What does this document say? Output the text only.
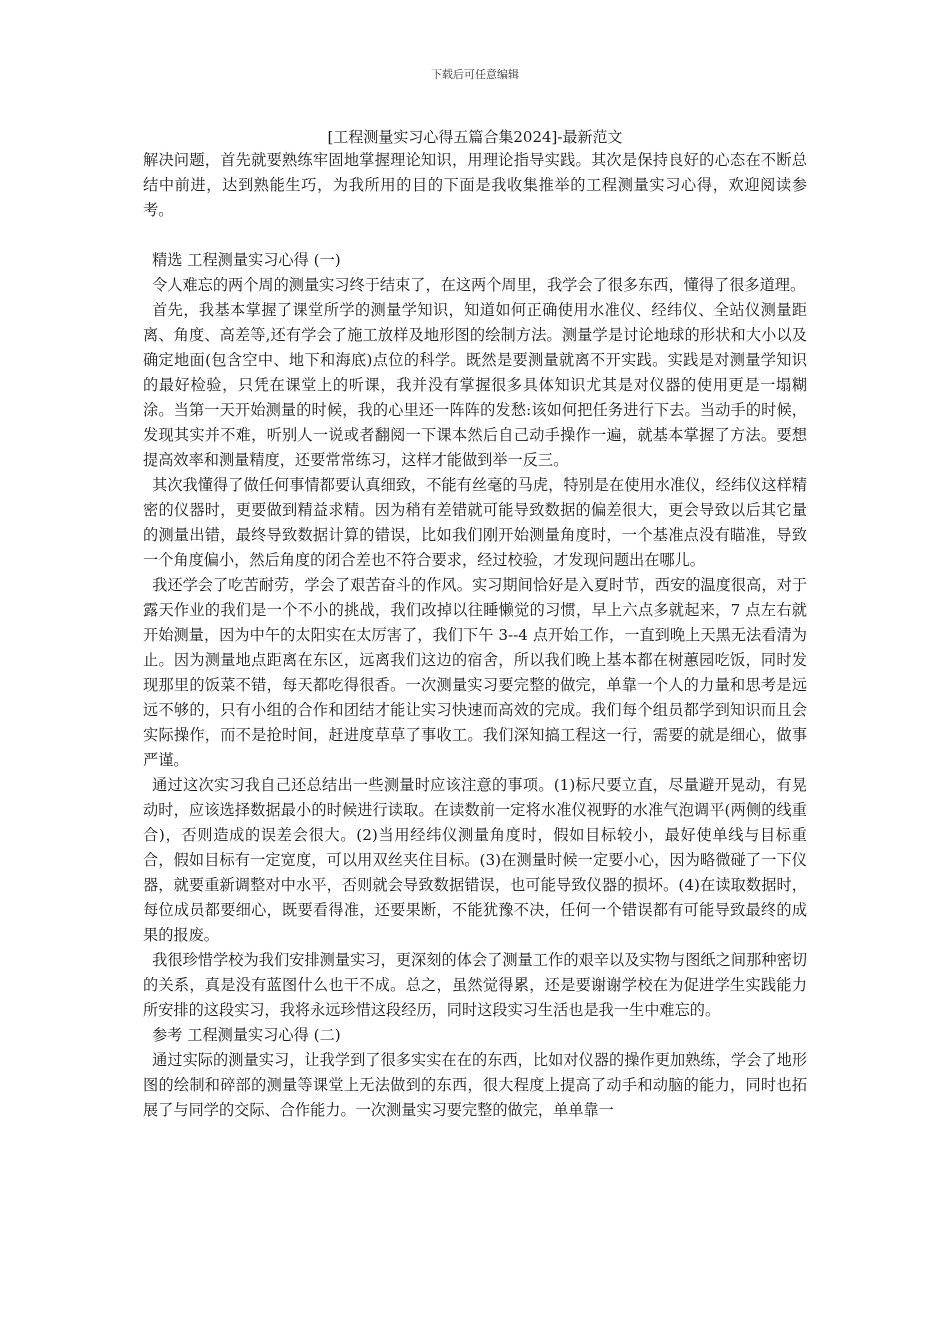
下载后可任意编辑
[工程测量实习心得五篇合集2024]-最新范文

解决问题，首先就要熟练牢固地掌握理论知识，用理论指导实践。其次是保持良好的心态在不断总结中前进，达到熟能生巧，为我所用的目的下面是我收集推举的工程测量实习心得，欢迎阅读参考。

精选 工程测量实习心得 (一)

令人难忘的两个周的测量实习终于结束了，在这两个周里，我学会了很多东西，懂得了很多道理。

首先，我基本掌握了课堂所学的测量学知识，知道如何正确使用水准仪、经纬仪、全站仪测量距离、角度、高差等,还有学会了施工放样及地形图的绘制方法。测量学是讨论地球的形状和大小以及确定地面(包含空中、地下和海底)点位的科学。既然是要测量就离不开实践。实践是对测量学知识的最好检验，只凭在课堂上的听课，我并没有掌握很多具体知识尤其是对仪器的使用更是一塌糊涂。当第一天开始测量的时候，我的心里还一阵阵的发愁:该如何把任务进行下去。当动手的时候，发现其实并不难，听别人一说或者翻阅一下课本然后自己动手操作一遍，就基本掌握了方法。要想提高效率和测量精度，还要常常练习，这样才能做到举一反三。

其次我懂得了做任何事情都要认真细致，不能有丝毫的马虎，特别是在使用水准仪，经纬仪这样精密的仪器时，更要做到精益求精。因为稍有差错就可能导致数据的偏差很大，更会导致以后其它量的测量出错，最终导致数据计算的错误，比如我们刚开始测量角度时，一个基准点没有瞄准，导致一个角度偏小，然后角度的闭合差也不符合要求，经过校验，才发现问题出在哪儿。

我还学会了吃苦耐劳，学会了艰苦奋斗的作风。实习期间恰好是入夏时节，西安的温度很高，对于露天作业的我们是一个不小的挑战，我们改掉以往睡懒觉的习惯，早上六点多就起来，7 点左右就开始测量，因为中午的太阳实在太厉害了，我们下午 3--4 点开始工作，一直到晚上天黑无法看清为止。因为测量地点距离在东区，远离我们这边的宿舍，所以我们晚上基本都在树蕙园吃饭，同时发现那里的饭菜不错，每天都吃得很香。一次测量实习要完整的做完，单靠一个人的力量和思考是远远不够的，只有小组的合作和团结才能让实习快速而高效的完成。我们每个组员都学到知识而且会实际操作，而不是抢时间，赶进度草草了事收工。我们深知搞工程这一行，需要的就是细心，做事严谨。

通过这次实习我自己还总结出一些测量时应该注意的事项。(1)标尺要立直，尽量避开晃动，有晃动时，应该选择数据最小的时候进行读取。在读数前一定将水准仪视野的水准气泡调平(两侧的线重合)，否则造成的误差会很大。(2)当用经纬仪测量角度时，假如目标较小，最好使单线与目标重合，假如目标有一定宽度，可以用双丝夹住目标。(3)在测量时候一定要小心，因为略微碰了一下仪器，就要重新调整对中水平，否则就会导致数据错误，也可能导致仪器的损坏。(4)在读取数据时，每位成员都要细心，既要看得准，还要果断，不能犹豫不决，任何一个错误都有可能导致最终的成果的报废。

我很珍惜学校为我们安排测量实习，更深刻的体会了测量工作的艰辛以及实物与图纸之间那种密切的关系，真是没有蓝图什么也干不成。总之，虽然觉得累，还是要谢谢学校在为促进学生实践能力所安排的这段实习，我将永远珍惜这段经历，同时这段实习生活也是我一生中难忘的。

参考 工程测量实习心得 (二)

通过实际的测量实习，让我学到了很多实实在在的东西，比如对仪器的操作更加熟练，学会了地形图的绘制和碎部的测量等课堂上无法做到的东西，很大程度上提高了动手和动脑的能力，同时也拓展了与同学的交际、合作能力。一次测量实习要完整的做完，单单靠一
